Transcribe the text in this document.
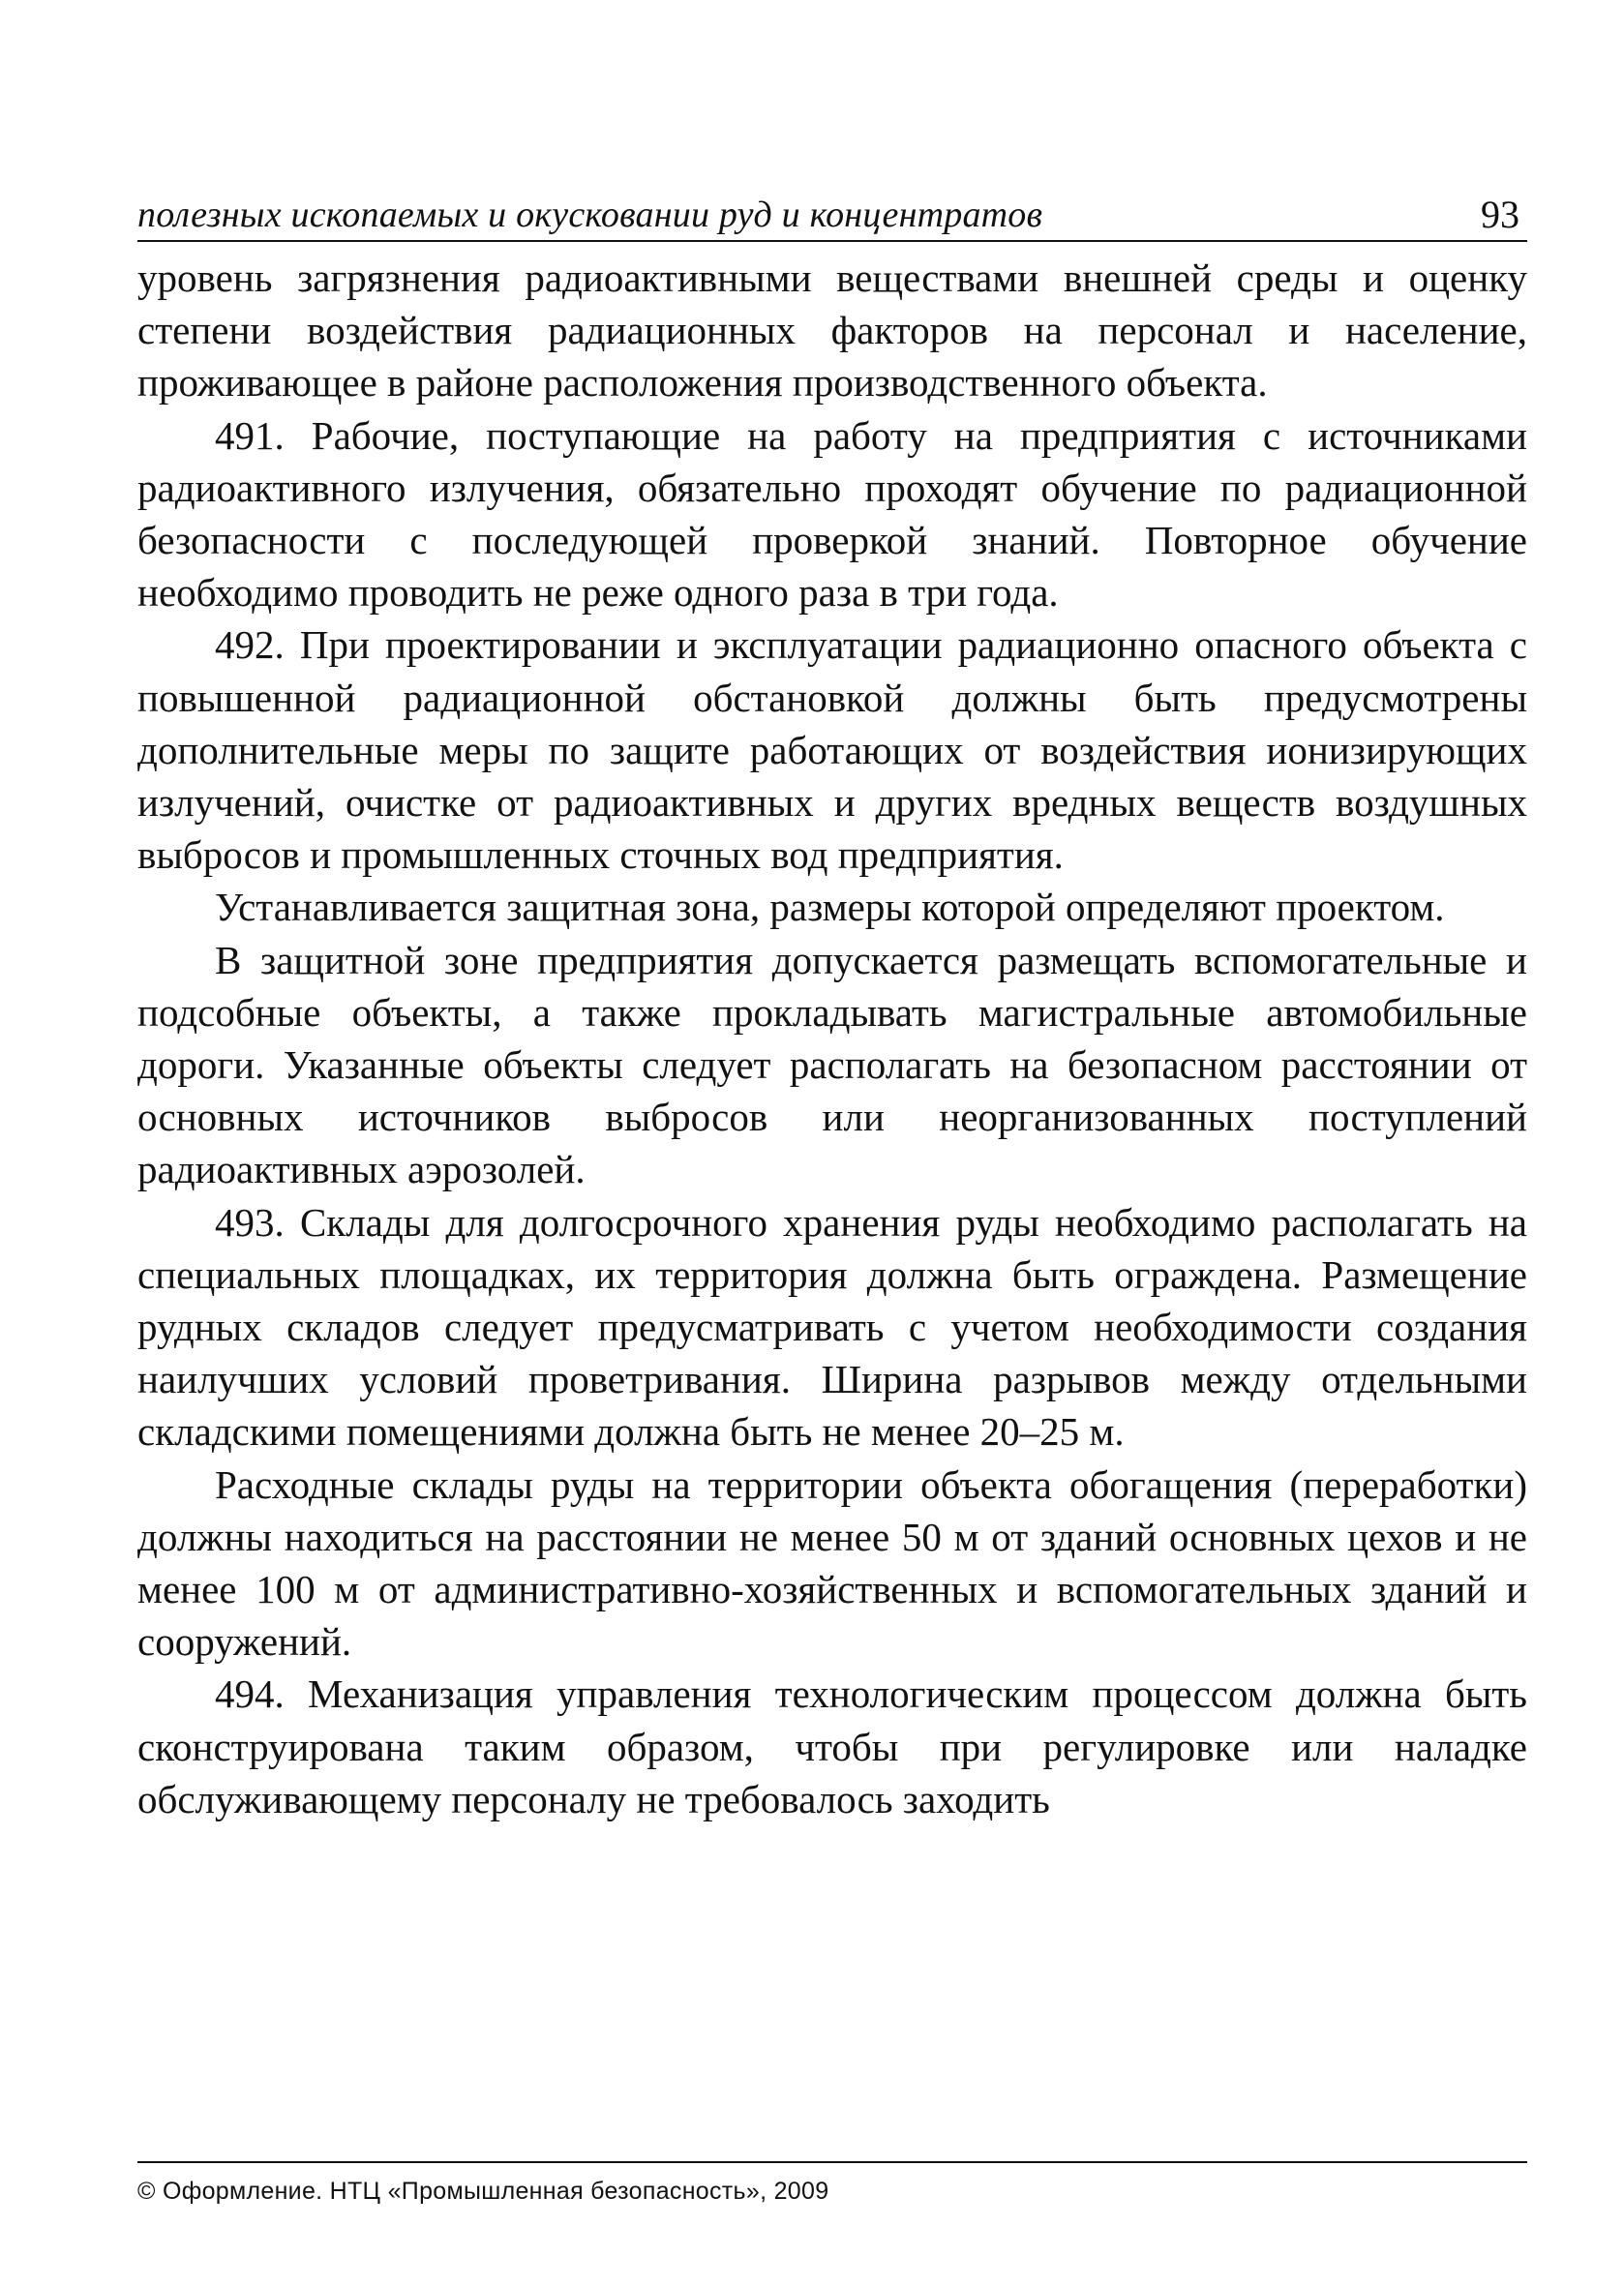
полезных ископаемых и окусковании руд и концентратов	93

уровень загрязнения радиоактивными веществами внешней среды и оценку степени воздействия радиационных факторов на персонал и население, проживающее в районе расположения производственного объекта.

491. Рабочие, поступающие на работу на предприятия с источниками радиоактивного излучения, обязательно проходят обучение по радиационной безопасности с последующей проверкой знаний. Повторное обучение необходимо проводить не реже одного раза в три года.

492. При проектировании и эксплуатации радиационно опасного объекта с повышенной радиационной обстановкой должны быть предусмотрены дополнительные меры по защите работающих от воздействия ионизирующих излучений, очистке от радиоактивных и других вредных веществ воздушных выбросов и промышленных сточных вод предприятия.

Устанавливается защитная зона, размеры которой определяют проектом.

В защитной зоне предприятия допускается размещать вспомогательные и подсобные объекты, а также прокладывать магистральные автомобильные дороги. Указанные объекты следует располагать на безопасном расстоянии от основных источников выбросов или неорганизованных поступлений радиоактивных аэрозолей.

493. Склады для долгосрочного хранения руды необходимо располагать на специальных площадках, их территория должна быть ограждена. Размещение рудных складов следует предусматривать с учетом необходимости создания наилучших условий проветривания. Ширина разрывов между отдельными складскими помещениями должна быть не менее 20–25 м.

Расходные склады руды на территории объекта обогащения (переработки) должны находиться на расстоянии не менее 50 м от зданий основных цехов и не менее 100 м от административно-хозяйственных и вспомогательных зданий и сооружений.

494. Механизация управления технологическим процессом должна быть сконструирована таким образом, чтобы при регулировке или наладке обслуживающему персоналу не требовалось заходить

© Оформление. НТЦ «Промышленная безопасность», 2009
